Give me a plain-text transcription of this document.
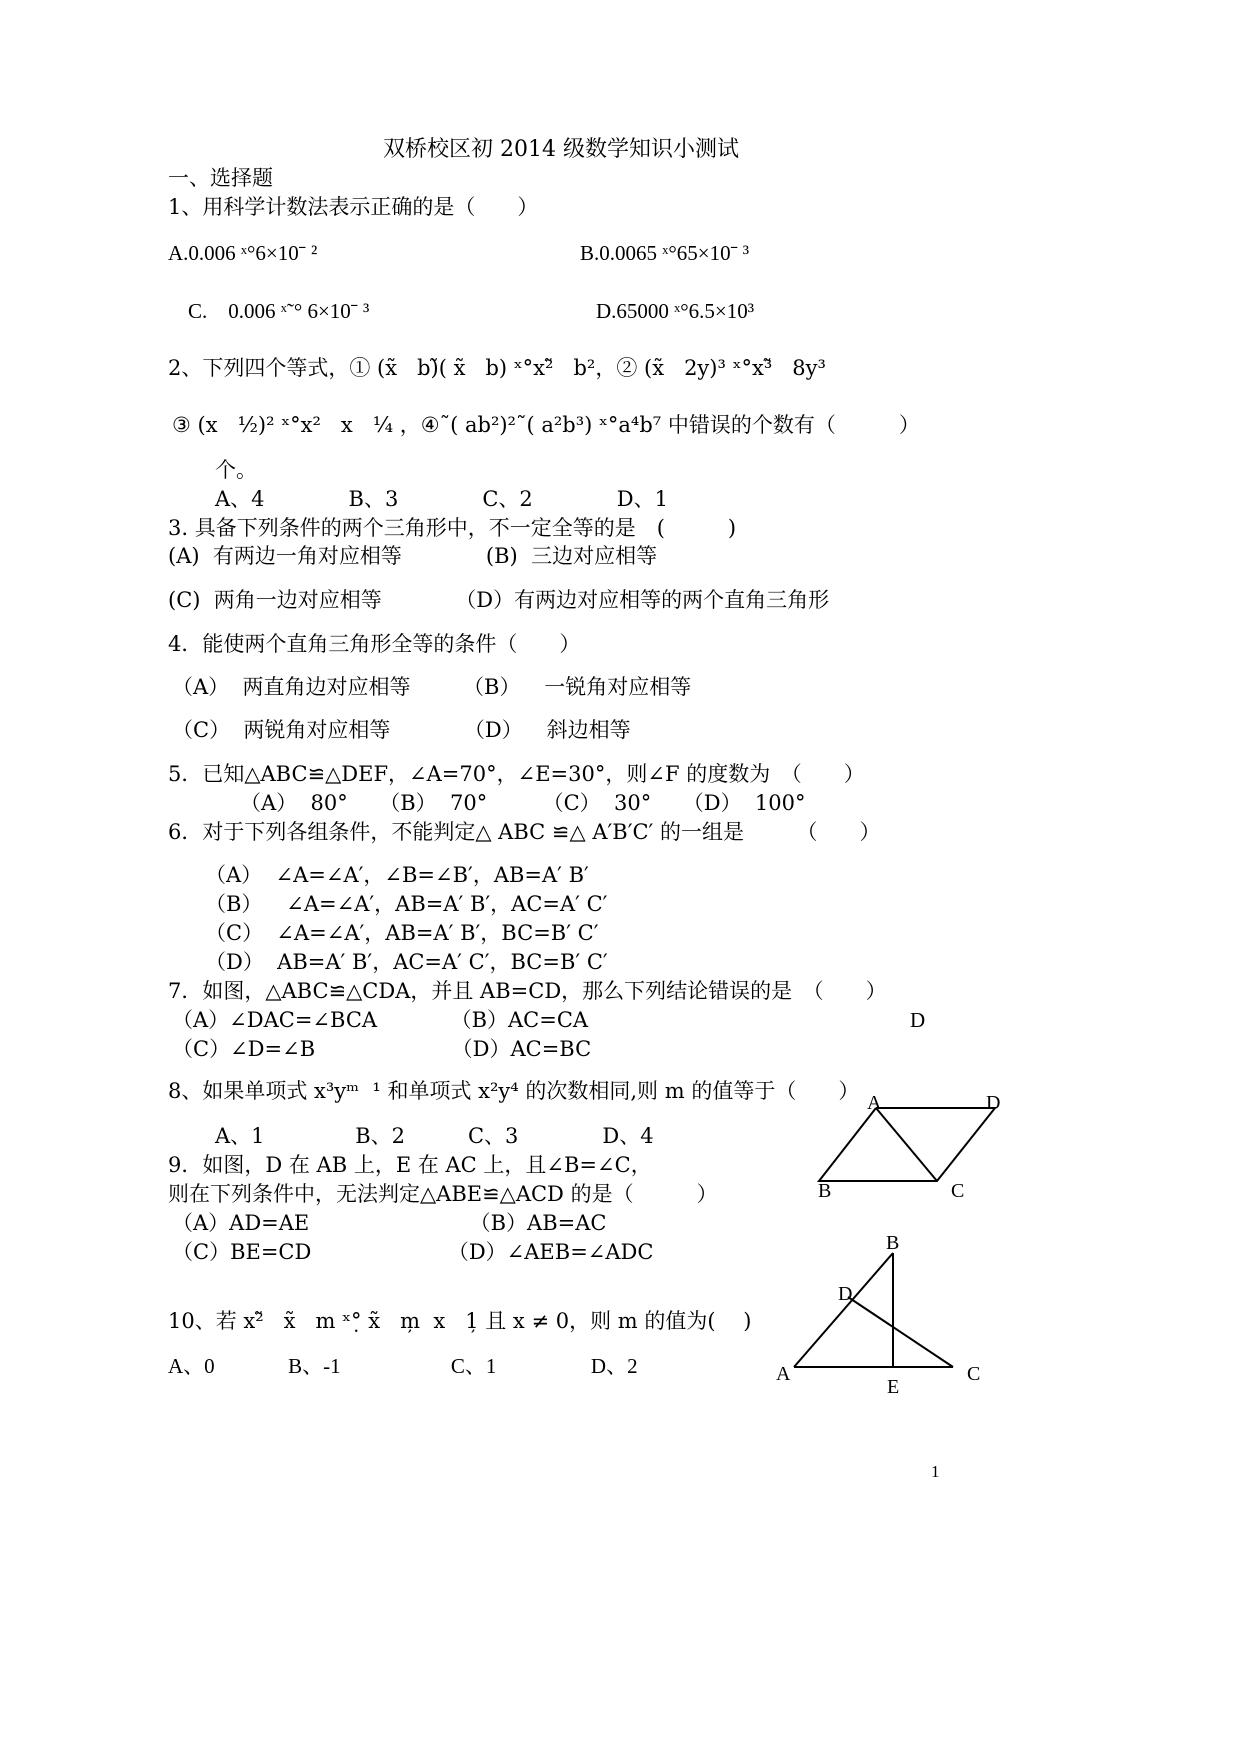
双桥校区初 2014 级数学知识小测试
一、选择题
1、用科学计数法表示正确的是（　　）
A.0.006 ˣ°6×10ˉ ²	B.0.0065 ˣ°65×10ˉ ³
C.　0.006 ˣ˜° 6×10ˉ ³	D.65000 ˣ°6.5×10³
2、下列四个等式，① (x̃   b)̃( x̃   b) ˣ°x²̃   b²，② (x̃   2y)³ ˣ°x³̃   8y³
③ (x   ½)² ˣ°x²   x   ¼ ，④˜( ab²)²˜( a²b³) ˣ°a⁴b⁷ 中错误的个数有（　　　）
个。
A、4　　　　B、3　　　　C、2　　　　D、1
3. 具备下列条件的两个三角形中，不一定全等的是　(　　　)
(A)  有两边一角对应相等　　　　(B)  三边对应相等
(C)  两角一边对应相等　　　　（D）有两边对应相等的两个直角三角形
4．能使两个直角三角形全等的条件（　　）
（A）  两直角边对应相等　　　（B）　  一锐角对应相等
（C）  两锐角对应相等　　　　（D）　  斜边相等
5．已知△ABC≌△DEF，∠A=70°，∠E=30°，则∠F 的度数为　（　　）
（A）  80°　　（B）  70°　　  （C）  30°　　（D）  100°
6．对于下列各组条件，不能判定△ ABC ≌△ A′B′C′ 的一组是　　　（　　）
（A）  ∠A=∠A′，∠B=∠B′，AB=A′ B′
（B）　  ∠A=∠A′，AB=A′ B′，AC=A′ C′
（C）  ∠A=∠A′，AB=A′ B′，BC=B′ C′
（D）  AB=A′ B′，AC=A′ C′，BC=B′ C′
7．如图，△ABC≌△CDA，并且 AB=CD，那么下列结论错误的是　（　　）
（A）∠DAC=∠BCA　　　　（B）AC=CA
（C）∠D=∠B　　　　　　　（D）AC=BC
8、如果单项式 x³yᵐ  ¹ 和单项式 x²y⁴ 的次数相同,则 m 的值等于（　　）
A、1　　　　 B、2　　　C、3　　　　D、4
9．如图，D 在 AB 上，E 在 AC 上，且∠B=∠C，
则在下列条件中，无法判定△ABE≌△ACD 的是（　　　）
（A）AD=AE　　　　　　　  （B）AB=AC
（C）BE=CD　　　　　　　（D）∠AEB=∠ADC
10、若 x²̃   x̃   m ˣ°̣ x̃   m̦  x   1̦ 且 x ≠ 0，则 m 的值为(　 )
A、0　　　  B、-1　　　　　 C、1　　　　  D、2
A	D
B	C
D
B
D
A	C
E
1
